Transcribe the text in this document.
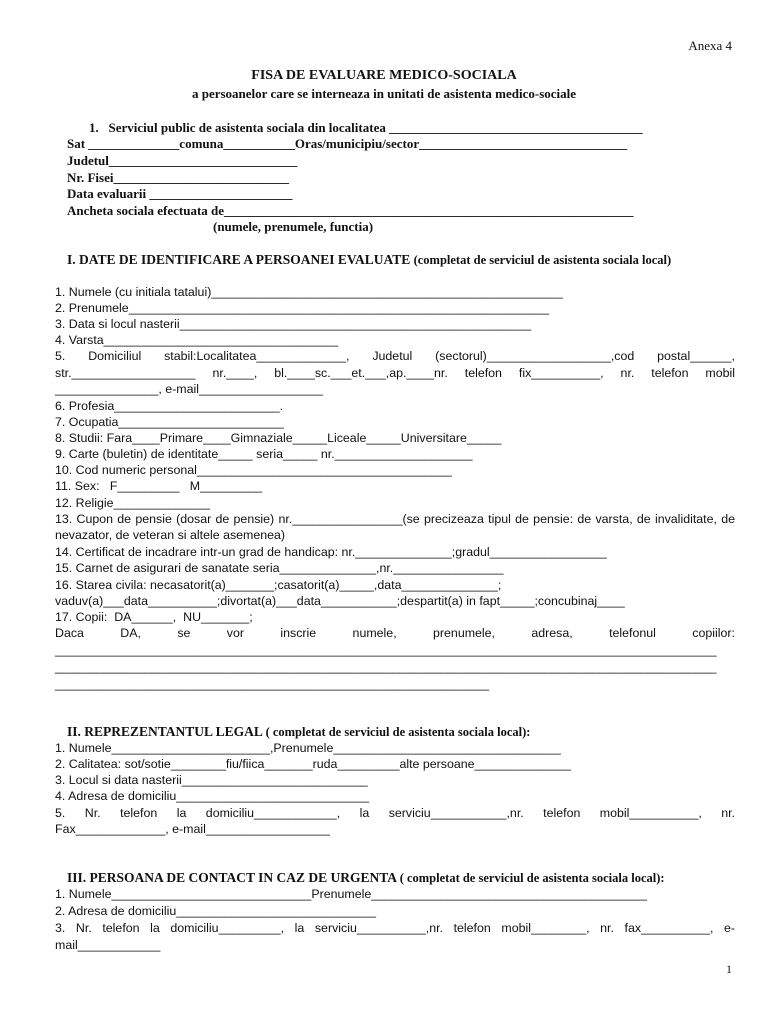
Anexa 4
FISA DE EVALUARE MEDICO-SOCIALA
a persoanelor care se interneaza in unitati de asistenta medico-sociale
1.   Serviciul public de asistenta sociala din localitatea _______________________________________
Sat ______________comuna___________Oras/municipiu/sector________________________________
Judetul_____________________________
Nr. Fisei___________________________
Data evaluarii ______________________
Ancheta sociala efectuata de_______________________________________________________________
(numele, prenumele, functia)
I. DATE DE IDENTIFICARE A PERSOANEI EVALUATE (completat de serviciul de asistenta sociala local)
1. Numele (cu initiala tatalui)___________________________________________________
2. Prenumele_____________________________________________________________
3. Data si locul nasterii___________________________________________________
4. Varsta__________________________________
5. Domiciliul stabil:Localitatea_____________, Judetul (sectorul)__________________,cod postal______,
str.__________________ nr.____, bl.____sc.___et.___,ap.____nr. telefon fix__________, nr. telefon mobil
_______________, e-mail__________________
6. Profesia________________________.
7. Ocupatia________________________
8. Studii: Fara____Primare____Gimnaziale_____Liceale_____Universitare_____
9. Carte (buletin) de identitate_____ seria_____ nr.____________________
10. Cod numeric personal_____________________________________
11. Sex:   F_________   M_________
12. Religie______________
13. Cupon de pensie (dosar de pensie) nr.________________(se precizeaza tipul de pensie: de varsta, de invaliditate, de
nevazator, de veteran si altele asemenea)
14. Certificat de incadrare intr-un grad de handicap: nr.______________;gradul_________________
15. Carnet de asigurari de sanatate seria______________,nr.________________
16. Starea civila: necasatorit(a)_______;casatorit(a)_____,data______________;
vaduv(a)___data__________;divortat(a)___data___________;despartit(a) in fapt_____;concubinaj____
17. Copii:  DA______,  NU_______;
Daca DA, se vor inscrie numele, prenumele, adresa, telefonul copiilor:
________________________________________________________________________________________________
________________________________________________________________________________________________
_______________________________________________________________
II. REPREZENTANTUL LEGAL ( completat de serviciul de asistenta sociala local):
1. Numele_______________________,Prenumele_________________________________
2. Calitatea: sot/sotie________fiu/fiica_______ruda_________alte persoane______________
3. Locul si data nasterii___________________________
4. Adresa de domiciliu____________________________
5. Nr. telefon la domiciliu____________, la serviciu___________,nr. telefon mobil__________, nr.
Fax_____________, e-mail__________________
III. PERSOANA DE CONTACT IN CAZ DE URGENTA ( completat de serviciul de asistenta sociala local):
1. Numele_____________________________Prenumele________________________________________
2. Adresa de domiciliu_____________________________
3. Nr. telefon la domiciliu_________, la serviciu__________,nr. telefon mobil________, nr. fax__________, e-
mail____________
1
